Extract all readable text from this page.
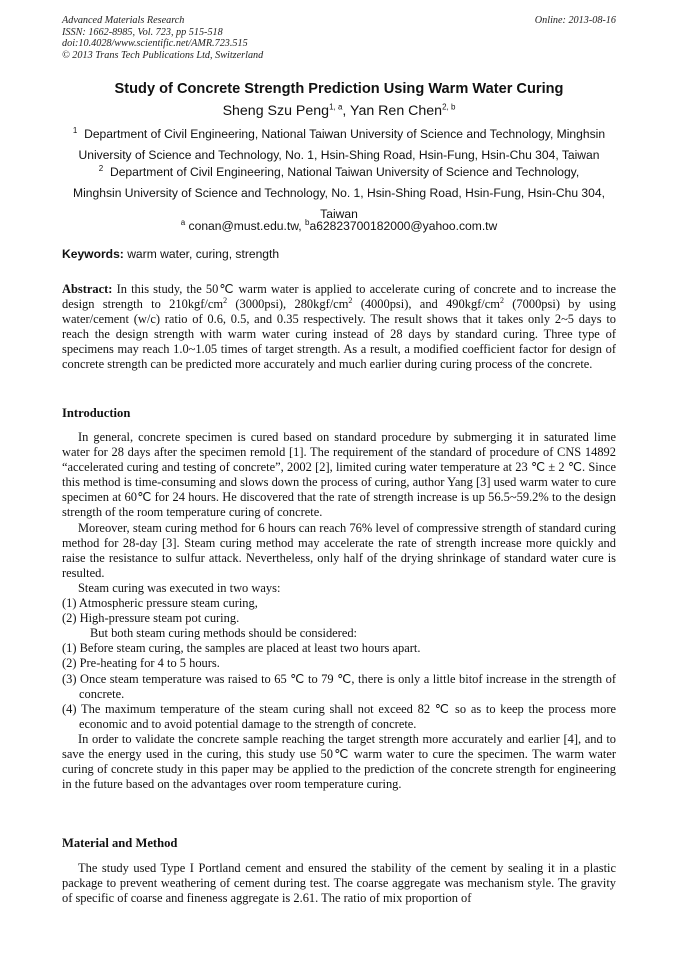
Advanced Materials Research
ISSN: 1662-8985, Vol. 723, pp 515-518
doi:10.4028/www.scientific.net/AMR.723.515
© 2013 Trans Tech Publications Ltd, Switzerland
Online: 2013-08-16
Study of Concrete Strength Prediction Using Warm Water Curing
Sheng Szu Peng$^{1, a}$, Yan Ren Chen$^{2, b}$
$^1$ Department of Civil Engineering, National Taiwan University of Science and Technology, Minghsin
University of Science and Technology, No. 1, Hsin-Shing Road, Hsin-Fung, Hsin-Chu 304, Taiwan
$^2$ Department of Civil Engineering, National Taiwan University of Science and Technology,
Minghsin University of Science and Technology, No. 1, Hsin-Shing Road, Hsin-Fung, Hsin-Chu 304,
Taiwan
$^a$ conan@must.edu.tw, $^b$a62823700182000@yahoo.com.tw
Keywords: warm water, curing, strength

Abstract: In this study, the 50℃ warm water is applied to accelerate curing of concrete and to increase the design strength to $210kgf/cm^2$ (3000psi), $280kgf/cm^2$ (4000psi), and $490kgf/cm^2$ (7000psi) by using water/cement (w/c) ratio of 0.6, 0.5, and 0.35 respectively. The result shows that it takes only 2~5 days to reach the design strength with warm water curing instead of 28 days by standard curing. Three type of specimens may reach 1.0~1.05 times of target strength. As a result, a modified coefficient factor for design of concrete strength can be predicted more accurately and much earlier during curing process of the concrete.

Introduction

In general, concrete specimen is cured based on standard procedure by submerging it in saturated lime water for 28 days after the specimen remold [1]. The requirement of the standard of procedure of CNS 14892 “accelerated curing and testing of concrete”, 2002 [2], limited curing water temperature at 23 ℃ ± 2 ℃. Since this method is time-consuming and slows down the process of curing, author Yang [3] used warm water to cure specimen at 60℃ for 24 hours. He discovered that the rate of strength increase is up 56.5~59.2% to the design strength of the room temperature curing of concrete.

Moreover, steam curing method for 6 hours can reach 76% level of compressive strength of standard curing method for 28-day [3]. Steam curing method may accelerate the rate of strength increase more quickly and raise the resistance to sulfur attack. Nevertheless, only half of the drying shrinkage of standard water cure is resulted.

Steam curing was executed in two ways:

(1) Atmospheric pressure steam curing,

(2) High-pressure steam pot curing.

But both steam curing methods should be considered:

(1) Before steam curing, the samples are placed at least two hours apart.

(2) Pre-heating for 4 to 5 hours.

(3) Once steam temperature was raised to 65 ℃ to 79 ℃, there is only a little bitof increase in the strength of concrete.

(4) The maximum temperature of the steam curing shall not exceed 82 ℃ so as to keep the process more economic and to avoid potential damage to the strength of concrete.

In order to validate the concrete sample reaching the target strength more accurately and earlier [4], and to save the energy used in the curing, this study use 50℃ warm water to cure the specimen. The warm water curing of concrete study in this paper may be applied to the prediction of the concrete strength for engineering in the future based on the advantages over room temperature curing.

Material and Method

The study used Type I Portland cement and ensured the stability of the cement by sealing it in a plastic package to prevent weathering of cement during test. The coarse aggregate was mechanism style. The gravity of specific of coarse and fineness aggregate is 2.61. The ratio of mix proportion of
